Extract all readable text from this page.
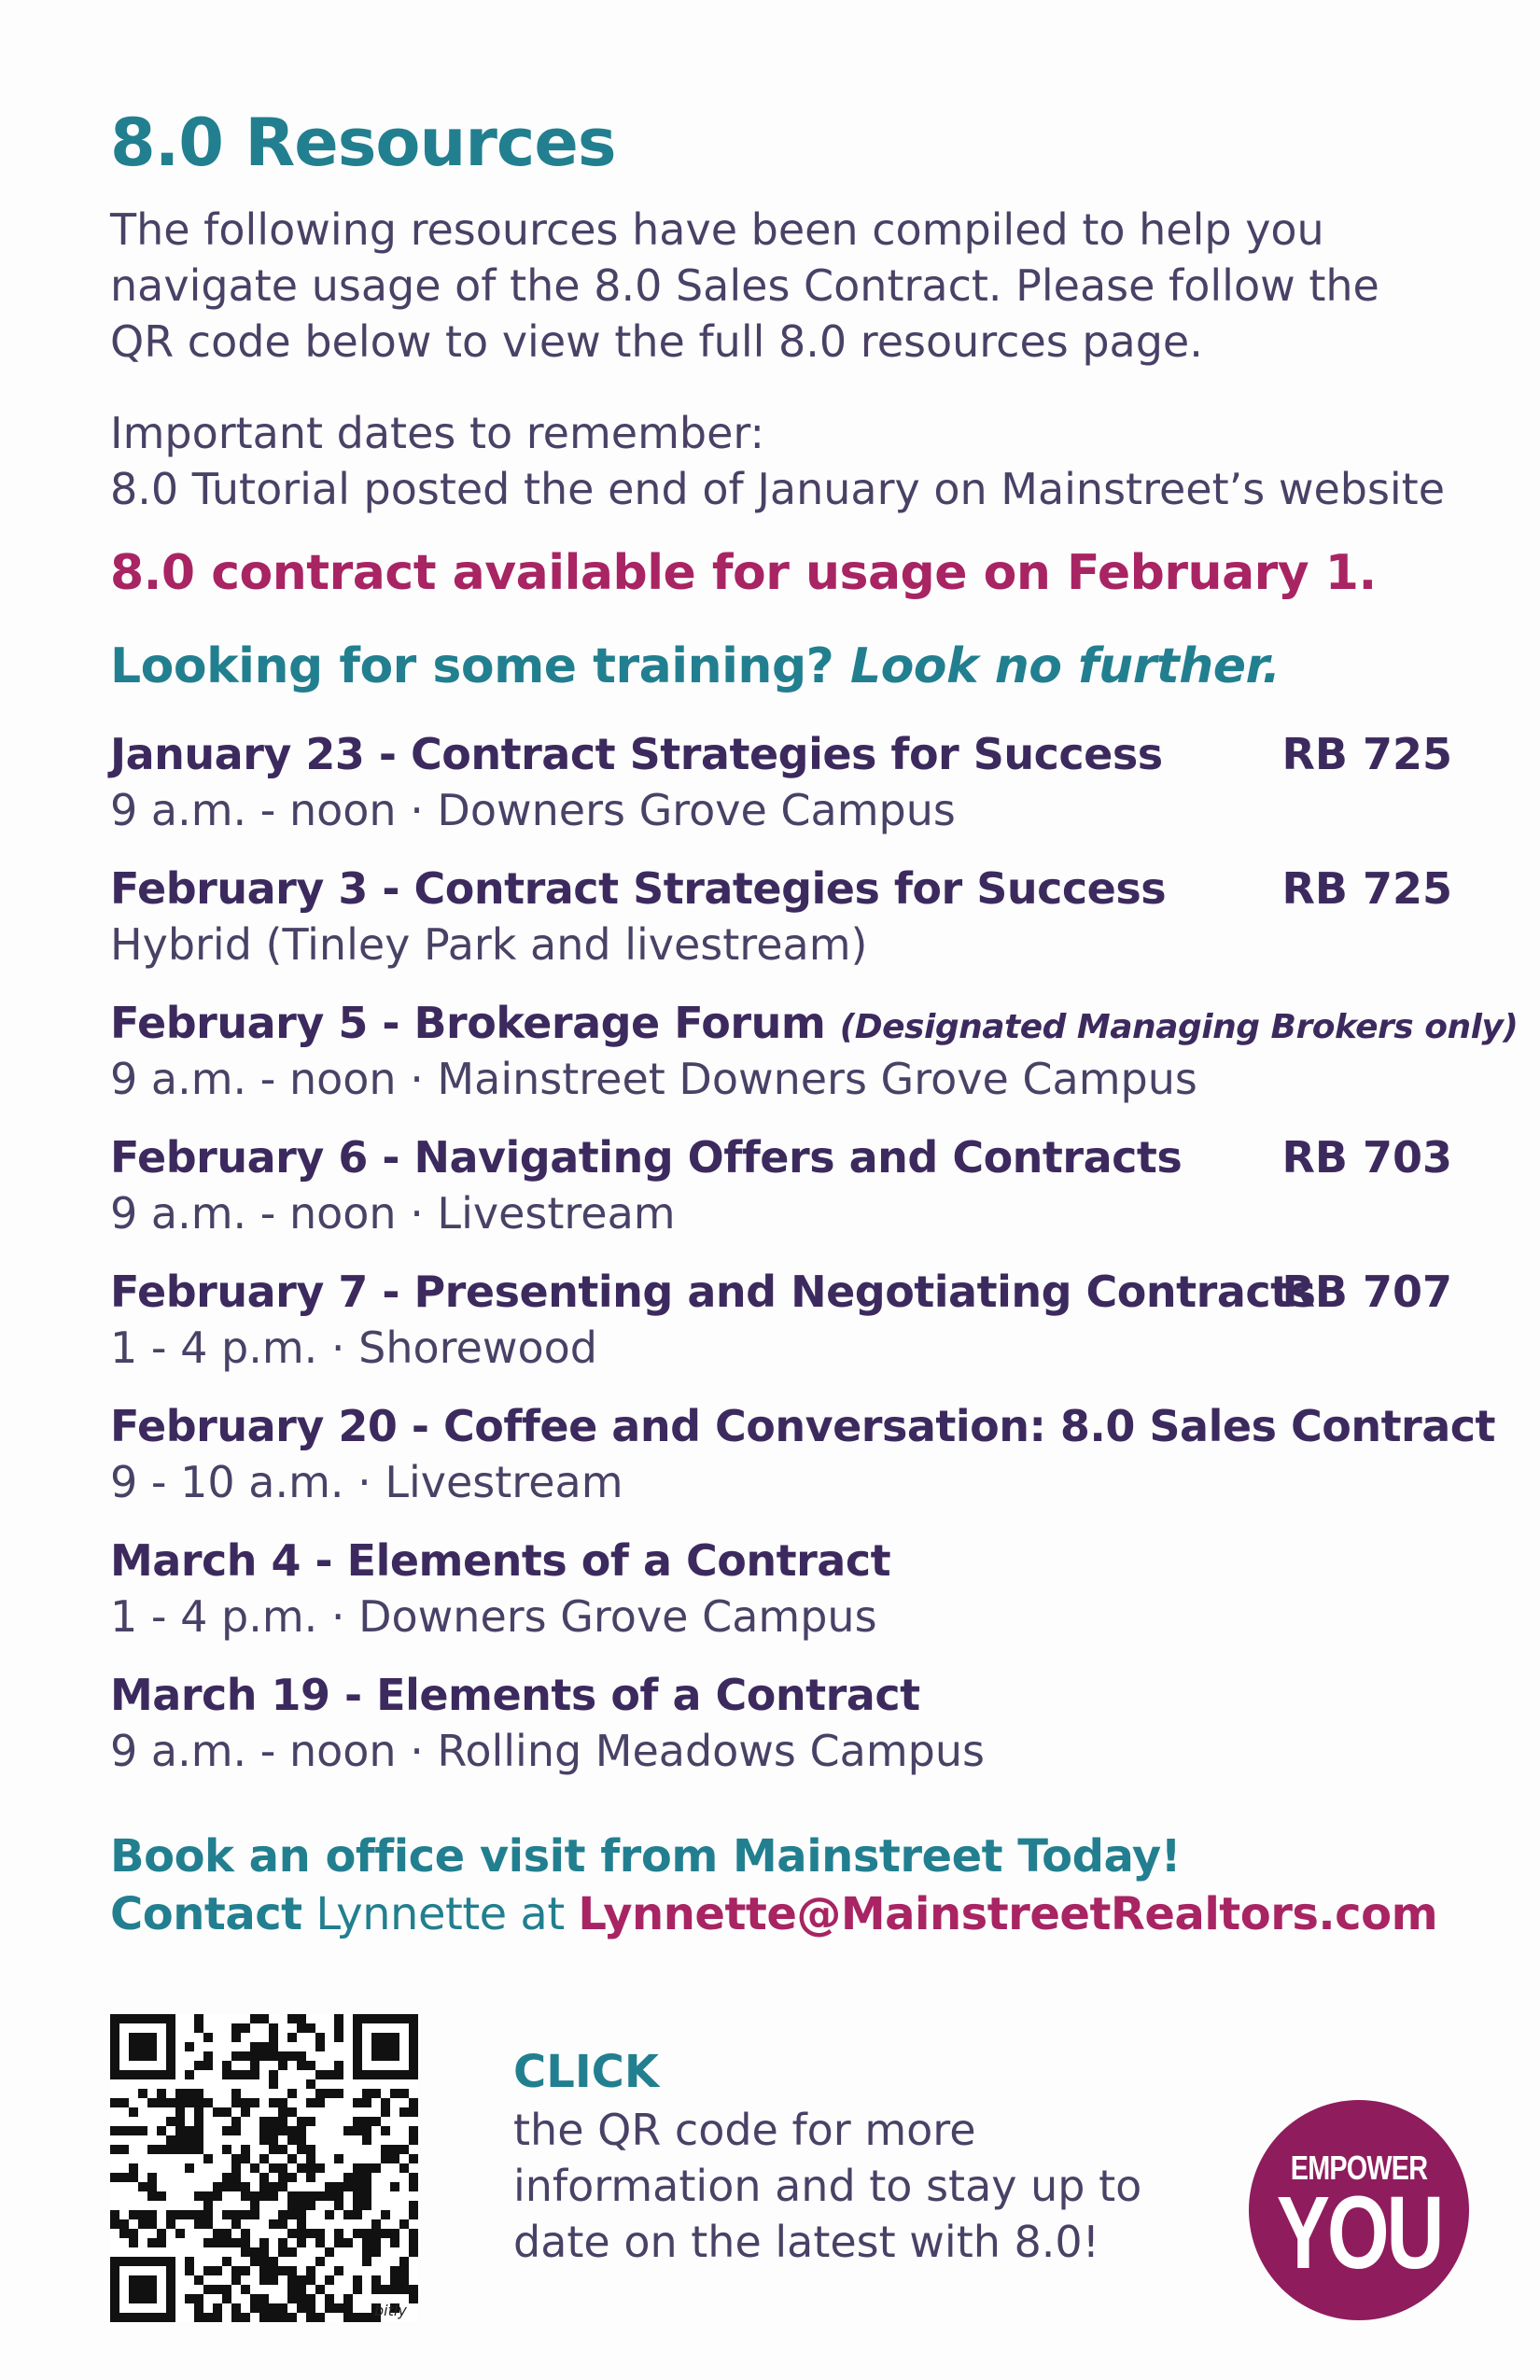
8.0 Resources

The following resources have been compiled to help you
navigate usage of the 8.0 Sales Contract. Please follow the
QR code below to view the full 8.0 resources page.

Important dates to remember:
8.0 Tutorial posted the end of January on Mainstreet’s website
8.0 contract available for usage on February 1.
Looking for some training? Look no further.
January 23 - Contract Strategies for Success	RB 725
9 a.m. - noon · Downers Grove Campus
February 3 - Contract Strategies for Success	RB 725
Hybrid (Tinley Park and livestream)
February 5 - Brokerage Forum (Designated Managing Brokers only)
9 a.m. - noon · Mainstreet Downers Grove Campus
February 6 - Navigating Offers and Contracts RB 703
9 a.m. - noon · Livestream
February 7 - Presenting and Negotiating Contracts
RB 707
1 - 4 p.m. · Shorewood
February 20 - Coffee and Conversation: 8.0 Sales Contract
9 - 10 a.m. · Livestream
March 4 - Elements of a Contract
1 - 4 p.m. · Downers Grove Campus
March 19 - Elements of a Contract
9 a.m. - noon · Rolling Meadows Campus
Book an office visit from Mainstreet Today!
Contact Lynnette at Lynnette@MainstreetRealtors.com
bitly
CLICK
the QR code for more
information and to stay up to
date on the latest with 8.0!
EMPOWER
YOU
